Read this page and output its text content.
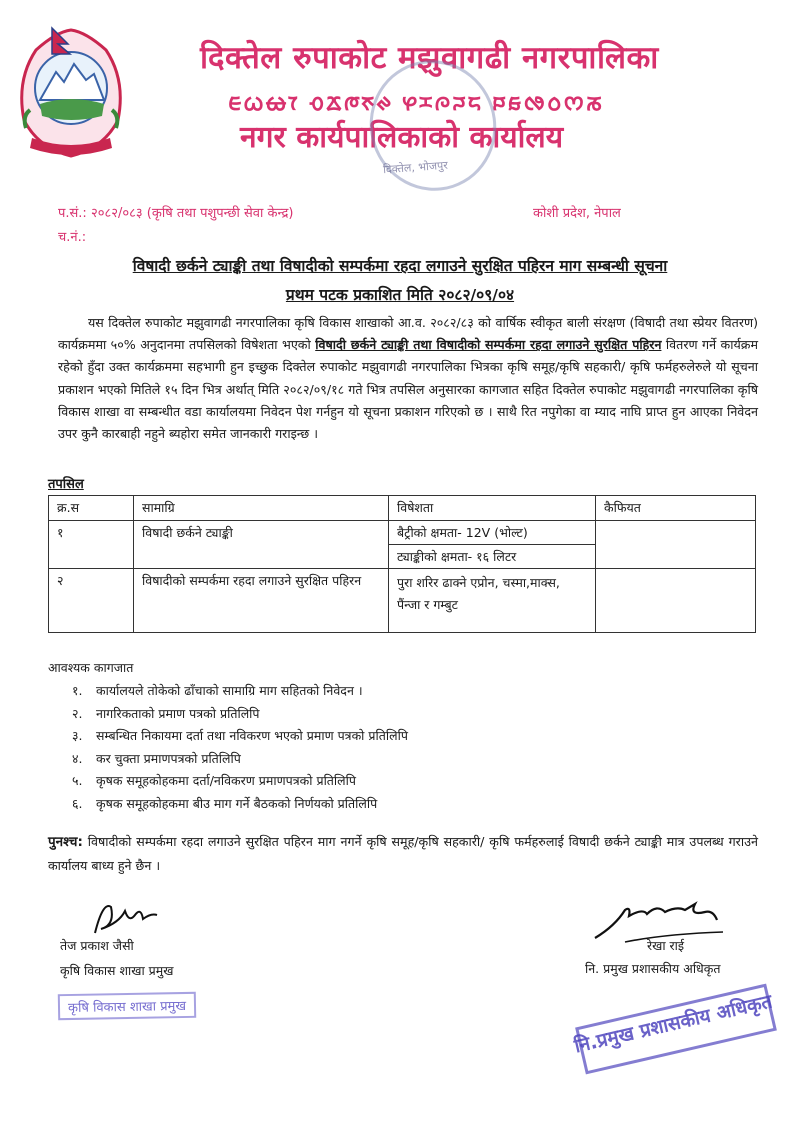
दिक्तेल रुपाकोट मझुवागढी नगरपालिका
ᰀᰃᰄᰅ ᰆᰇᰈᰉᰊ ᰋᰌᰍᰎᰏ ᰐᰑᰒᰓᰔᰕ
नगर कार्यपालिकाको कार्यालय
दिक्तेल, भोजपुर
प.सं.: २०८२/०८३ (कृषि तथा पशुपन्छी सेवा केन्द्र)	कोशी प्रदेश, नेपाल
च.नं.:
विषादी छर्कने ट्याङ्की तथा विषादीको सम्पर्कमा रहदा लगाउने सुरक्षित पहिरन माग सम्बन्धी सूचना
प्रथम पटक प्रकाशित मिति २०८२/०९/०४
यस दिक्तेल रुपाकोट मझुवागढी नगरपालिका कृषि विकास शाखाको आ.व. २०८२/८३ को वार्षिक स्वीकृत बाली संरक्षण (विषादी तथा स्प्रेयर वितरण) कार्यक्रममा ५०% अनुदानमा तपसिलको विषेशता भएको विषादी छर्कने ट्याङ्की तथा विषादीको सम्पर्कमा रहदा लगाउने सुरक्षित पहिरन वितरण गर्ने कार्यक्रम रहेको हुँदा उक्त कार्यक्रममा सहभागी हुन इच्छुक दिक्तेल रुपाकोट मझुवागढी नगरपालिका भित्रका कृषि समूह/कृषि सहकारी/ कृषि फर्महरुलेरुले यो सूचना प्रकाशन भएको मितिले १५ दिन भित्र अर्थात् मिति २०८२/०९/१८ गते भित्र तपसिल अनुसारका कागजात सहित दिक्तेल रुपाकोट मझुवागढी नगरपालिका कृषि विकास शाखा वा सम्बन्धीत वडा कार्यालयमा निवेदन पेश गर्नहुन यो सूचना प्रकाशन गरिएको छ । साथै रित नपुगेका वा म्याद नाघि प्राप्त हुन आएका निवेदन उपर कुनै कारबाही नहुने ब्यहोरा समेत जानकारी गराइन्छ ।
तपसिल
क्र.स	सामाग्रि	विषेशता	कैफियत
१	विषादी छर्कने ट्याङ्की	बैट्रीको क्षमता- 12V (भोल्ट)	
		ट्याङ्कीको क्षमता- १६ लिटर	
२	विषादीको सम्पर्कमा रहदा लगाउने सुरक्षित पहिरन	पुरा शरिर ढाक्ने एप्रोन, चस्मा,माक्स, पैंन्जा र गम्बुट	
आवश्यक कागजात
१. कार्यालयले तोकेको ढाँचाको सामाग्रि माग सहितको निवेदन ।
२. नागरिकताको प्रमाण पत्रको प्रतिलिपि
३. सम्बन्धित निकायमा दर्ता तथा नविकरण भएको प्रमाण पत्रको प्रतिलिपि
४. कर चुक्ता प्रमाणपत्रको प्रतिलिपि
५. कृषक समूहकोहकमा दर्ता/नविकरण प्रमाणपत्रको प्रतिलिपि
६. कृषक समूहकोहकमा बीउ माग गर्ने बैठकको निर्णयको प्रतिलिपि
पुनश्च: विषादीको सम्पर्कमा रहदा लगाउने सुरक्षित पहिरन माग नगर्ने कृषि समूह/कृषि सहकारी/ कृषि फर्महरुलाई विषादी छर्कने ट्याङ्की मात्र उपलब्ध गराउने कार्यालय बाध्य हुने छैन ।
तेज प्रकाश जैसी
कृषि विकास शाखा प्रमुख
कृषि विकास शाखा प्रमुख
रेखा राई
नि. प्रमुख प्रशासकीय अधिकृत
नि.प्रमुख प्रशासकीय अधिकृत
